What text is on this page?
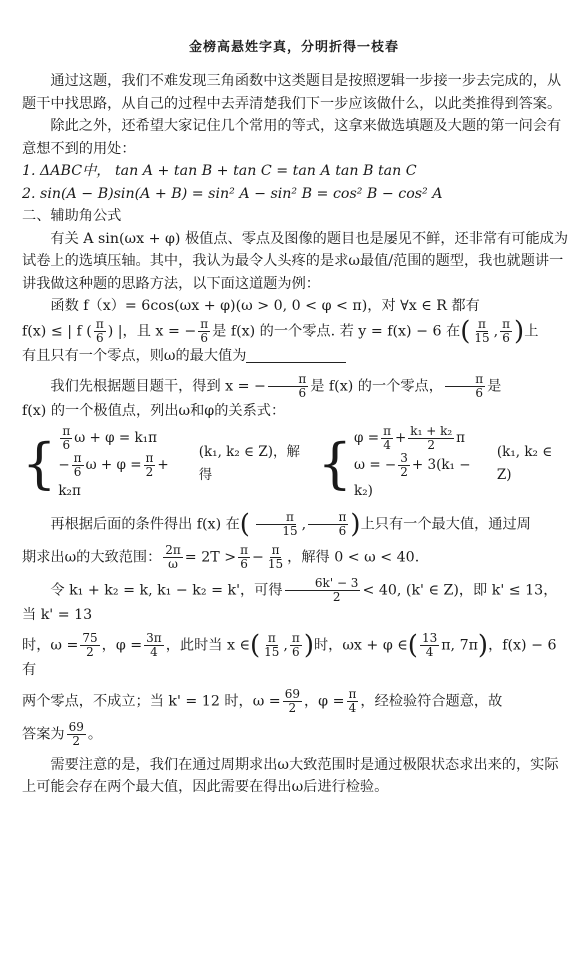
金榜高悬姓字真，分明折得一枝春

通过这题，我们不难发现三角函数中这类题目是按照逻辑一步接一步去完成的，从题干中找思路，从自己的过程中去弄清楚我们下一步应该做什么，以此类推得到答案。

除此之外，还希望大家记住几个常用的等式，这拿来做选填题及大题的第一问会有意想不到的用处：

1. ΔABC中， tan A + tan B + tan C = tan A tan B tan C

2. sin(A − B)sin(A + B) = sin² A − sin² B = cos² B − cos² A

二、辅助角公式

有关 A sin(ωx + φ) 极值点、零点及图像的题目也是屡见不鲜，还非常有可能成为试卷上的选填压轴。其中，我认为最令人头疼的是求ω最值/范围的题型，我也就题讲一讲我做这种题的思路方法，以下面这道题为例：

函数 f（x）= 6cos(ωx + φ)(ω > 0, 0 < φ < π)，对 ∀x ∈ R 都有

f(x) ≤ | f ( $\frac{\pi}{6}$ ) |，且 x = − $\frac{\pi}{6}$ 是 f(x) 的一个零点. 若 y = f(x) − 6 在( $\frac{\pi}{15}$ , $\frac{\pi}{6}$ )上

有且只有一个零点，则ω的最大值为

我们先根据题目题干，得到 x = − $\frac{\pi}{6}$ 是 f(x) 的一个零点， $\frac{\pi}{6}$ 是

f(x) 的一个极值点，列出ω和φ的关系式：

{ $\frac{\pi}{6}$ ω + φ = k₁π
− $\frac{\pi}{6}$ $\omega + \varphi = \frac{\pi}{2} + k_2\pi$
(k₁, k₂ ∈ Z)，解得	{ $\varphi = \frac{\pi}{4} + \frac{\text{k₁ + k₂}}{2}$ π
ω = − $\frac{3}{2} + 3(k_1 - k_2)$
(k₁, k₂ ∈ Z)

再根据后面的条件得出 f(x) 在( $\frac{\pi}{15}$ , $\frac{\pi}{6}$ )上只有一个最大值，通过周

期求出ω的大致范围： $\frac{2\pi}{\omega} = 2T > \frac{\pi}{6} - \frac{\pi}{15}$ ，解得 0 < ω < 40.

令 k₁ + k₂ = k, k₁ − k₂ = k'，可得 $\frac{6k' - 3}{2} < 40$, (k' ∈ Z)，即 k' ≤ 13，当 k' = 13

时，$\omega = \frac{75}{2}$ ，$\varphi = \frac{3\pi}{4}$ ，此时当 x ∈( $\frac{\pi}{15}$ , $\frac{\pi}{6}$ )时，ωx + φ ∈( $\frac{13}{4} \pi$, 7π)，f(x) − 6 有

两个零点，不成立；当 k' = 12 时，$\omega = \frac{69}{2}$ ，$\varphi = \frac{\pi}{4}$ ，经检验符合题意，故

答案为 $\frac{69}{2}$ 。

需要注意的是，我们在通过周期求出ω大致范围时是通过极限状态求出来的，实际上可能会存在两个最大值，因此需要在得出ω后进行检验。
